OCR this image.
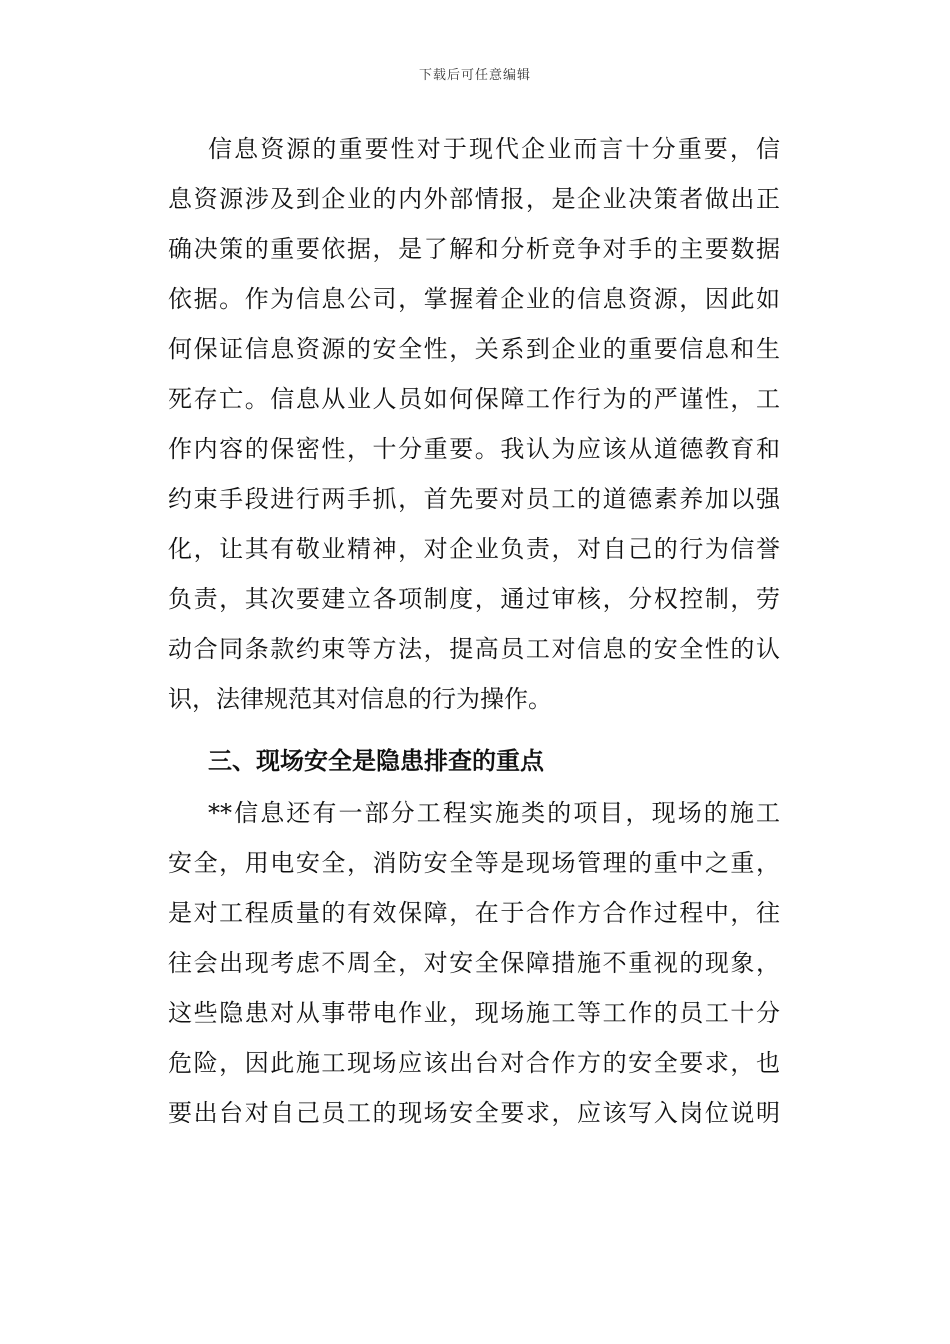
下载后可任意编辑
信息资源的重要性对于现代企业而言十分重要，信
息资源涉及到企业的内外部情报，是企业决策者做出正
确决策的重要依据，是了解和分析竞争对手的主要数据
依据。作为信息公司，掌握着企业的信息资源，因此如
何保证信息资源的安全性，关系到企业的重要信息和生
死存亡。信息从业人员如何保障工作行为的严谨性，工
作内容的保密性，十分重要。我认为应该从道德教育和
约束手段进行两手抓，首先要对员工的道德素养加以强
化，让其有敬业精神，对企业负责，对自己的行为信誉
负责，其次要建立各项制度，通过审核，分权控制，劳
动合同条款约束等方法，提高员工对信息的安全性的认
识，法律规范其对信息的行为操作。
三、现场安全是隐患排查的重点
**信息还有一部分工程实施类的项目，现场的施工
安全，用电安全，消防安全等是现场管理的重中之重，
是对工程质量的有效保障，在于合作方合作过程中，往
往会出现考虑不周全，对安全保障措施不重视的现象，
这些隐患对从事带电作业，现场施工等工作的员工十分
危险，因此施工现场应该出台对合作方的安全要求，也
要出台对自己员工的现场安全要求，应该写入岗位说明
